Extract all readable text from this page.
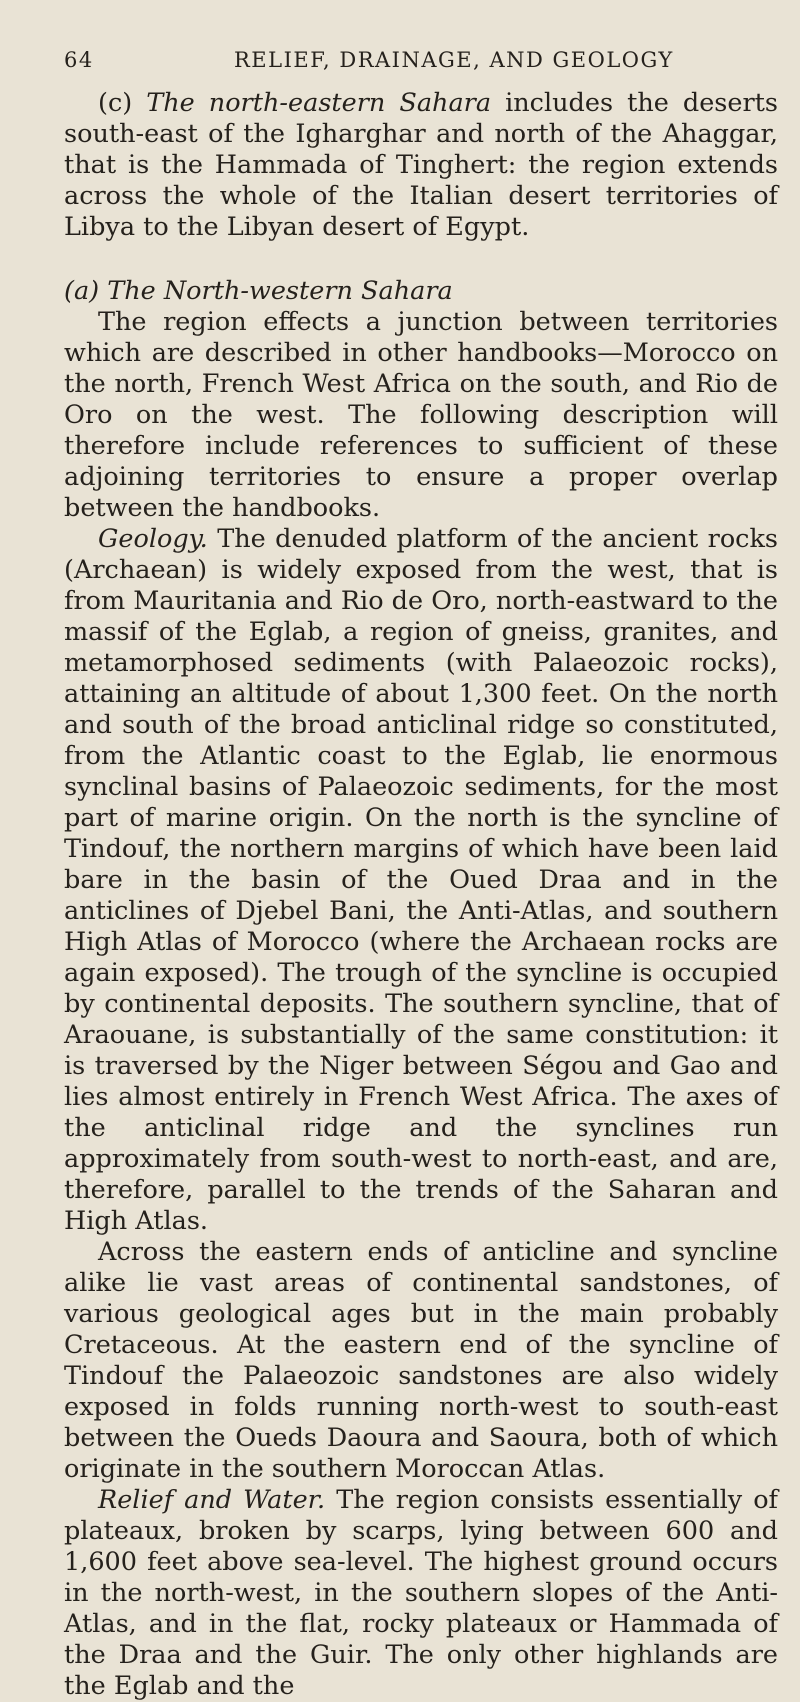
64	RELIEF, DRAINAGE, AND GEOLOGY

(c) The north-eastern Sahara includes the deserts south-east of the Igharghar and north of the Ahaggar, that is the Hammada of Tinghert: the region extends across the whole of the Italian desert territories of Libya to the Libyan desert of Egypt.

(a) The North-western Sahara

The region effects a junction between territories which are described in other handbooks—Morocco on the north, French West Africa on the south, and Rio de Oro on the west. The following description will therefore include references to sufficient of these adjoining territories to ensure a proper overlap between the handbooks.

Geology. The denuded platform of the ancient rocks (Archaean) is widely exposed from the west, that is from Mauritania and Rio de Oro, north-eastward to the massif of the Eglab, a region of gneiss, granites, and metamorphosed sediments (with Palaeozoic rocks), attaining an altitude of about 1,300 feet. On the north and south of the broad anticlinal ridge so constituted, from the Atlantic coast to the Eglab, lie enormous synclinal basins of Palaeozoic sediments, for the most part of marine origin. On the north is the syncline of Tindouf, the northern margins of which have been laid bare in the basin of the Oued Draa and in the anticlines of Djebel Bani, the Anti-Atlas, and southern High Atlas of Morocco (where the Archaean rocks are again exposed). The trough of the syncline is occupied by continental deposits. The southern syncline, that of Araouane, is substantially of the same constitution: it is traversed by the Niger between Ségou and Gao and lies almost entirely in French West Africa. The axes of the anticlinal ridge and the synclines run approximately from south-west to north-east, and are, therefore, parallel to the trends of the Saharan and High Atlas.

Across the eastern ends of anticline and syncline alike lie vast areas of continental sandstones, of various geological ages but in the main probably Cretaceous. At the eastern end of the syncline of Tindouf the Palaeozoic sandstones are also widely exposed in folds running north-west to south-east between the Oueds Daoura and Saoura, both of which originate in the southern Moroccan Atlas.

Relief and Water. The region consists essentially of plateaux, broken by scarps, lying between 600 and 1,600 feet above sea-level. The highest ground occurs in the north-west, in the southern slopes of the Anti-Atlas, and in the flat, rocky plateaux or Hammada of the Draa and the Guir. The only other highlands are the Eglab and the
